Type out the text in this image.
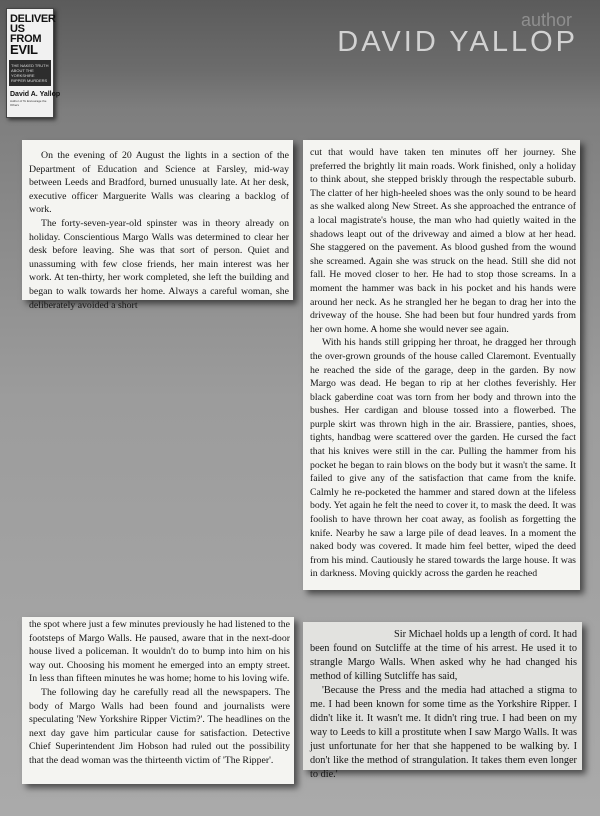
DELIVER
US FROM
EVIL
THE NAKED TRUTH ABOUT THE YORKSHIRE RIPPER MURDERS
David A. Yallop
Author of To Encourage the Others
author
DAVID YALLOP

On the evening of 20 August the lights in a section of the Department of Education and Science at Farsley, mid-way between Leeds and Bradford, burned unusually late. At her desk, executive officer Marguerite Walls was clearing a backlog of work.

The forty-seven-year-old spinster was in theory already on holiday. Conscientious Margo Walls was determined to clear her desk before leaving. She was that sort of person. Quiet and unassuming with few close friends, her main interest was her work. At ten-thirty, her work completed, she left the building and began to walk towards her home. Always a careful woman, she deliberately avoided a short

cut that would have taken ten minutes off her journey. She preferred the brightly lit main roads. Work finished, only a holiday to think about, she stepped briskly through the respectable suburb. The clatter of her high-heeled shoes was the only sound to be heard as she walked along New Street. As she approached the entrance of a local magistrate's house, the man who had quietly waited in the shadows leapt out of the driveway and aimed a blow at her head. She staggered on the pavement. As blood gushed from the wound she screamed. Again she was struck on the head. Still she did not fall. He moved closer to her. He had to stop those screams. In a moment the hammer was back in his pocket and his hands were around her neck. As he strangled her he began to drag her into the driveway of the house. She had been but four hundred yards from her own home. A home she would never see again.

With his hands still gripping her throat, he dragged her through the over-grown grounds of the house called Claremont. Eventually he reached the side of the garage, deep in the garden. By now Margo was dead. He began to rip at her clothes feverishly. Her black gaberdine coat was torn from her body and thrown into the bushes. Her cardigan and blouse tossed into a flowerbed. The purple skirt was thrown high in the air. Brassiere, panties, shoes, tights, handbag were scattered over the garden. He cursed the fact that his knives were still in the car. Pulling the hammer from his pocket he began to rain blows on the body but it wasn't the same. It failed to give any of the satisfaction that came from the knife. Calmly he re-pocketed the hammer and stared down at the lifeless body. Yet again he felt the need to cover it, to mask the deed. It was foolish to have thrown her coat away, as foolish as forgetting the knife. Nearby he saw a large pile of dead leaves. In a moment the naked body was covered. It made him feel better, wiped the deed from his mind. Cautiously he stared towards the large house. It was in darkness. Moving quickly across the garden he reached

the spot where just a few minutes previously he had listened to the footsteps of Margo Walls. He paused, aware that in the next-door house lived a policeman. It wouldn't do to bump into him on his way out. Choosing his moment he emerged into an empty street. In less than fifteen minutes he was home; home to his loving wife.

The following day he carefully read all the newspapers. The body of Margo Walls had been found and journalists were speculating 'New Yorkshire Ripper Victim?'. The headlines on the next day gave him particular cause for satisfaction. Detective Chief Superintendent Jim Hobson had ruled out the possibility that the dead woman was the thirteenth victim of 'The Ripper'.

Sir Michael holds up a length of cord. It had been found on Sutcliffe at the time of his arrest. He used it to strangle Margo Walls. When asked why he had changed his method of killing Sutcliffe has said,

'Because the Press and the media had attached a stigma to me. I had been known for some time as the Yorkshire Ripper. I didn't like it. It wasn't me. It didn't ring true. I had been on my way to Leeds to kill a prostitute when I saw Margo Walls. It was just unfortunate for her that she happened to be walking by. I don't like the method of strangulation. It takes them even longer to die.'
